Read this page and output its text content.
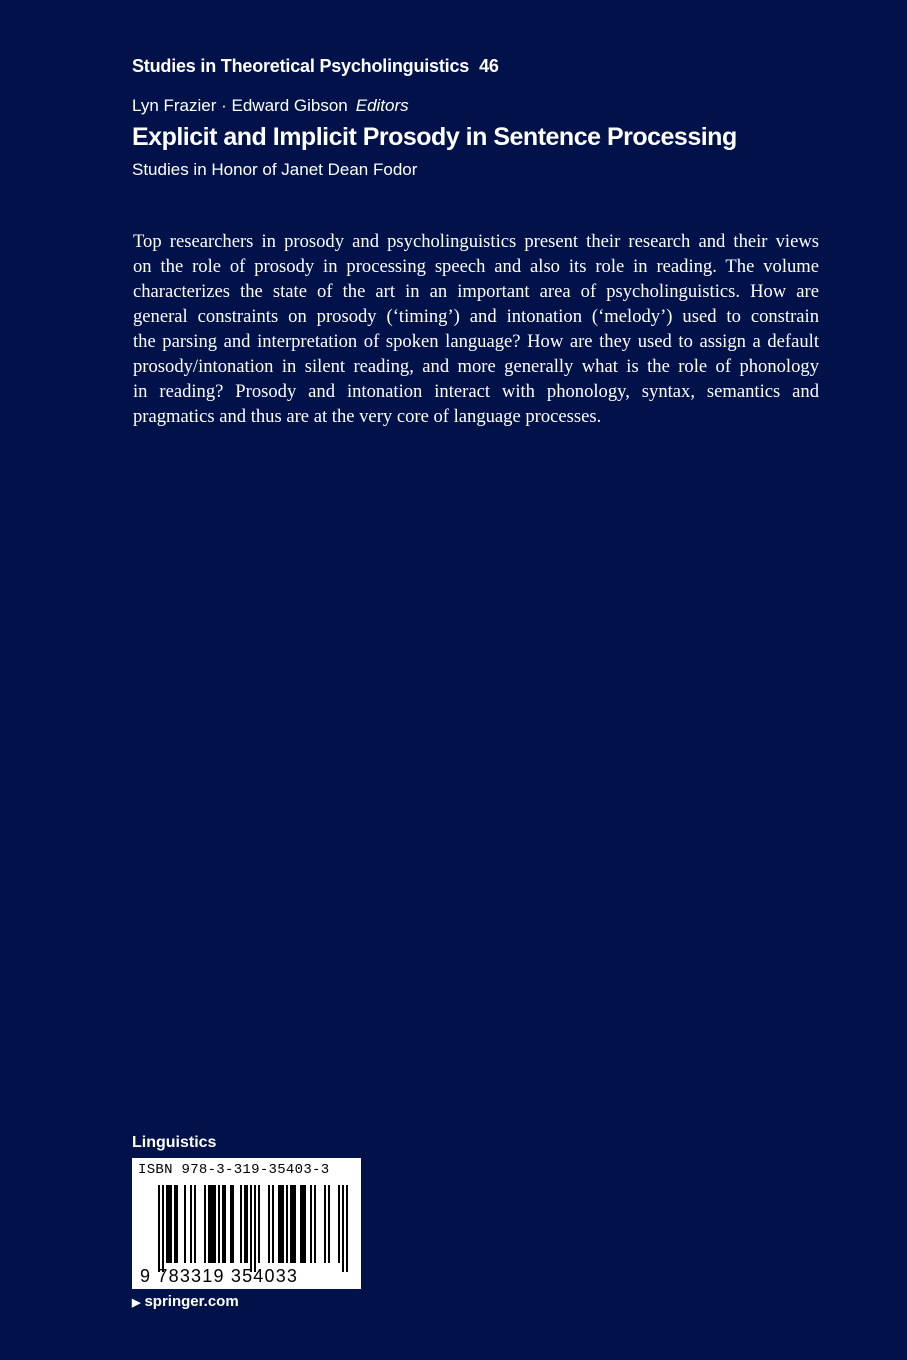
Studies in Theoretical Psycholinguistics 46
Lyn Frazier · Edward Gibson Editors
Explicit and Implicit Prosody in Sentence Processing
Studies in Honor of Janet Dean Fodor
Top researchers in prosody and psycholinguistics present their research and their views
on the role of prosody in processing speech and also its role in reading. The volume
characterizes the state of the art in an important area of psycholinguistics. How are
general constraints on prosody (‘timing’) and intonation (‘melody’) used to constrain
the parsing and interpretation of spoken language? How are they used to assign a default
prosody/intonation in silent reading, and more generally what is the role of phonology
in reading? Prosody and intonation interact with phonology, syntax, semantics and
pragmatics and thus are at the very core of language processes.
Linguistics
ISBN 978-3-319-35403-3
9 783319 354033
▶ springer.com
